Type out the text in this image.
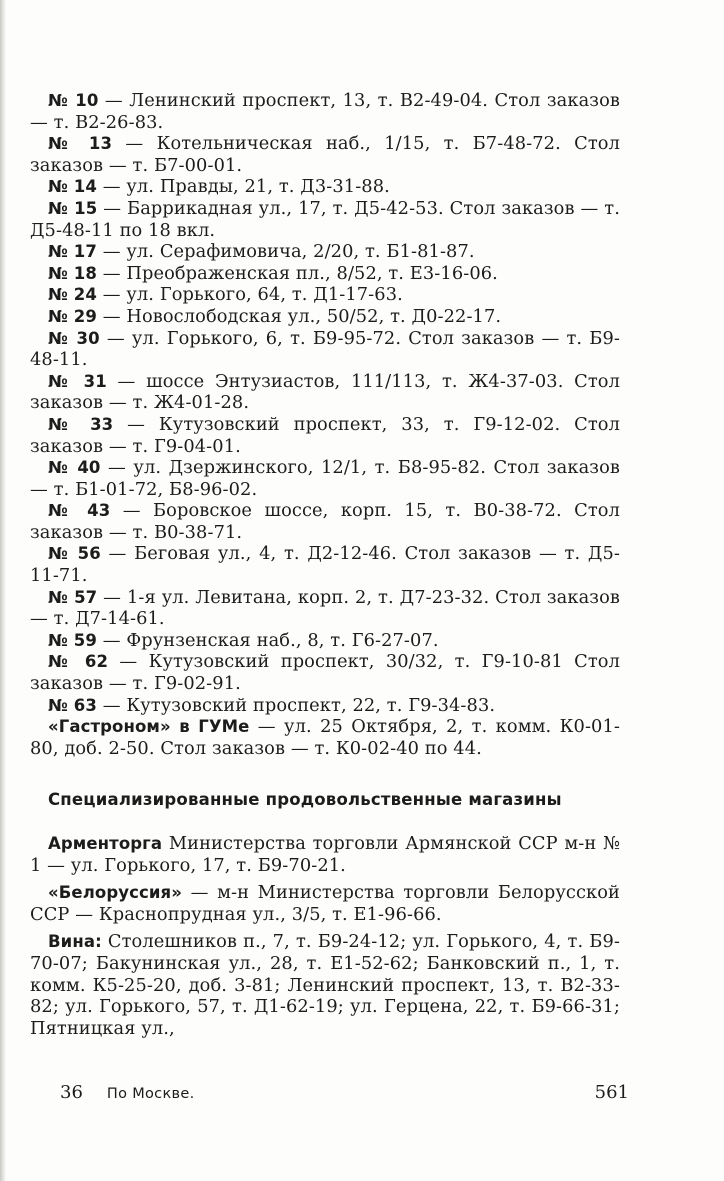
№ 10 — Ленинский проспект, 13, т. В2-49-04. Стол заказов — т. В2-26-83.

№ 13 — Котельническая наб., 1/15, т. Б7-48-72. Стол заказов — т. Б7-00-01.

№ 14 — ул. Правды, 21, т. Д3-31-88.

№ 15 — Баррикадная ул., 17, т. Д5-42-53. Стол заказов — т. Д5-48-11 по 18 вкл.

№ 17 — ул. Серафимовича, 2/20, т. Б1-81-87.

№ 18 — Преображенская пл., 8/52, т. Е3-16-06.

№ 24 — ул. Горького, 64, т. Д1-17-63.

№ 29 — Новослободская ул., 50/52, т. Д0-22-17.

№ 30 — ул. Горького, 6, т. Б9-95-72. Стол заказов — т. Б9-48-11.

№ 31 — шоссе Энтузиастов, 111/113, т. Ж4-37-03. Стол заказов — т. Ж4-01-28.

№ 33 — Кутузовский проспект, 33, т. Г9-12-02. Стол заказов — т. Г9-04-01.

№ 40 — ул. Дзержинского, 12/1, т. Б8-95-82. Стол заказов — т. Б1-01-72, Б8-96-02.

№ 43 — Боровское шоссе, корп. 15, т. В0-38-72. Стол заказов — т. В0-38-71.

№ 56 — Беговая ул., 4, т. Д2-12-46. Стол заказов — т. Д5-11-71.

№ 57 — 1-я ул. Левитана, корп. 2, т. Д7-23-32. Стол заказов — т. Д7-14-61.

№ 59 — Фрунзенская наб., 8, т. Г6-27-07.

№ 62 — Кутузовский проспект, 30/32, т. Г9-10-81 Стол заказов — т. Г9-02-91.

№ 63 — Кутузовский проспект, 22, т. Г9-34-83.

«Гастроном» в ГУМе — ул. 25 Октября, 2, т. комм. К0-01-80, доб. 2-50. Стол заказов — т. К0-02-40 по 44.

Специализированные продовольственные магазины

Арменторга Министерства торговли Армянской ССР м-н № 1 — ул. Горького, 17, т. Б9-70-21.

«Белоруссия» — м-н Министерства торговли Белорусской ССР — Краснопрудная ул., 3/5, т. Е1-96-66.

Вина: Столешников п., 7, т. Б9-24-12; ул. Горького, 4, т. Б9-70-07; Бакунинская ул., 28, т. Е1-52-62; Банковский п., 1, т. комм. К5-25-20, доб. 3-81; Ленинский проспект, 13, т. В2-33-82; ул. Горького, 57, т. Д1-62-19; ул. Герцена, 22, т. Б9-66-31; Пятницкая ул.,

36 По Москве.	561
